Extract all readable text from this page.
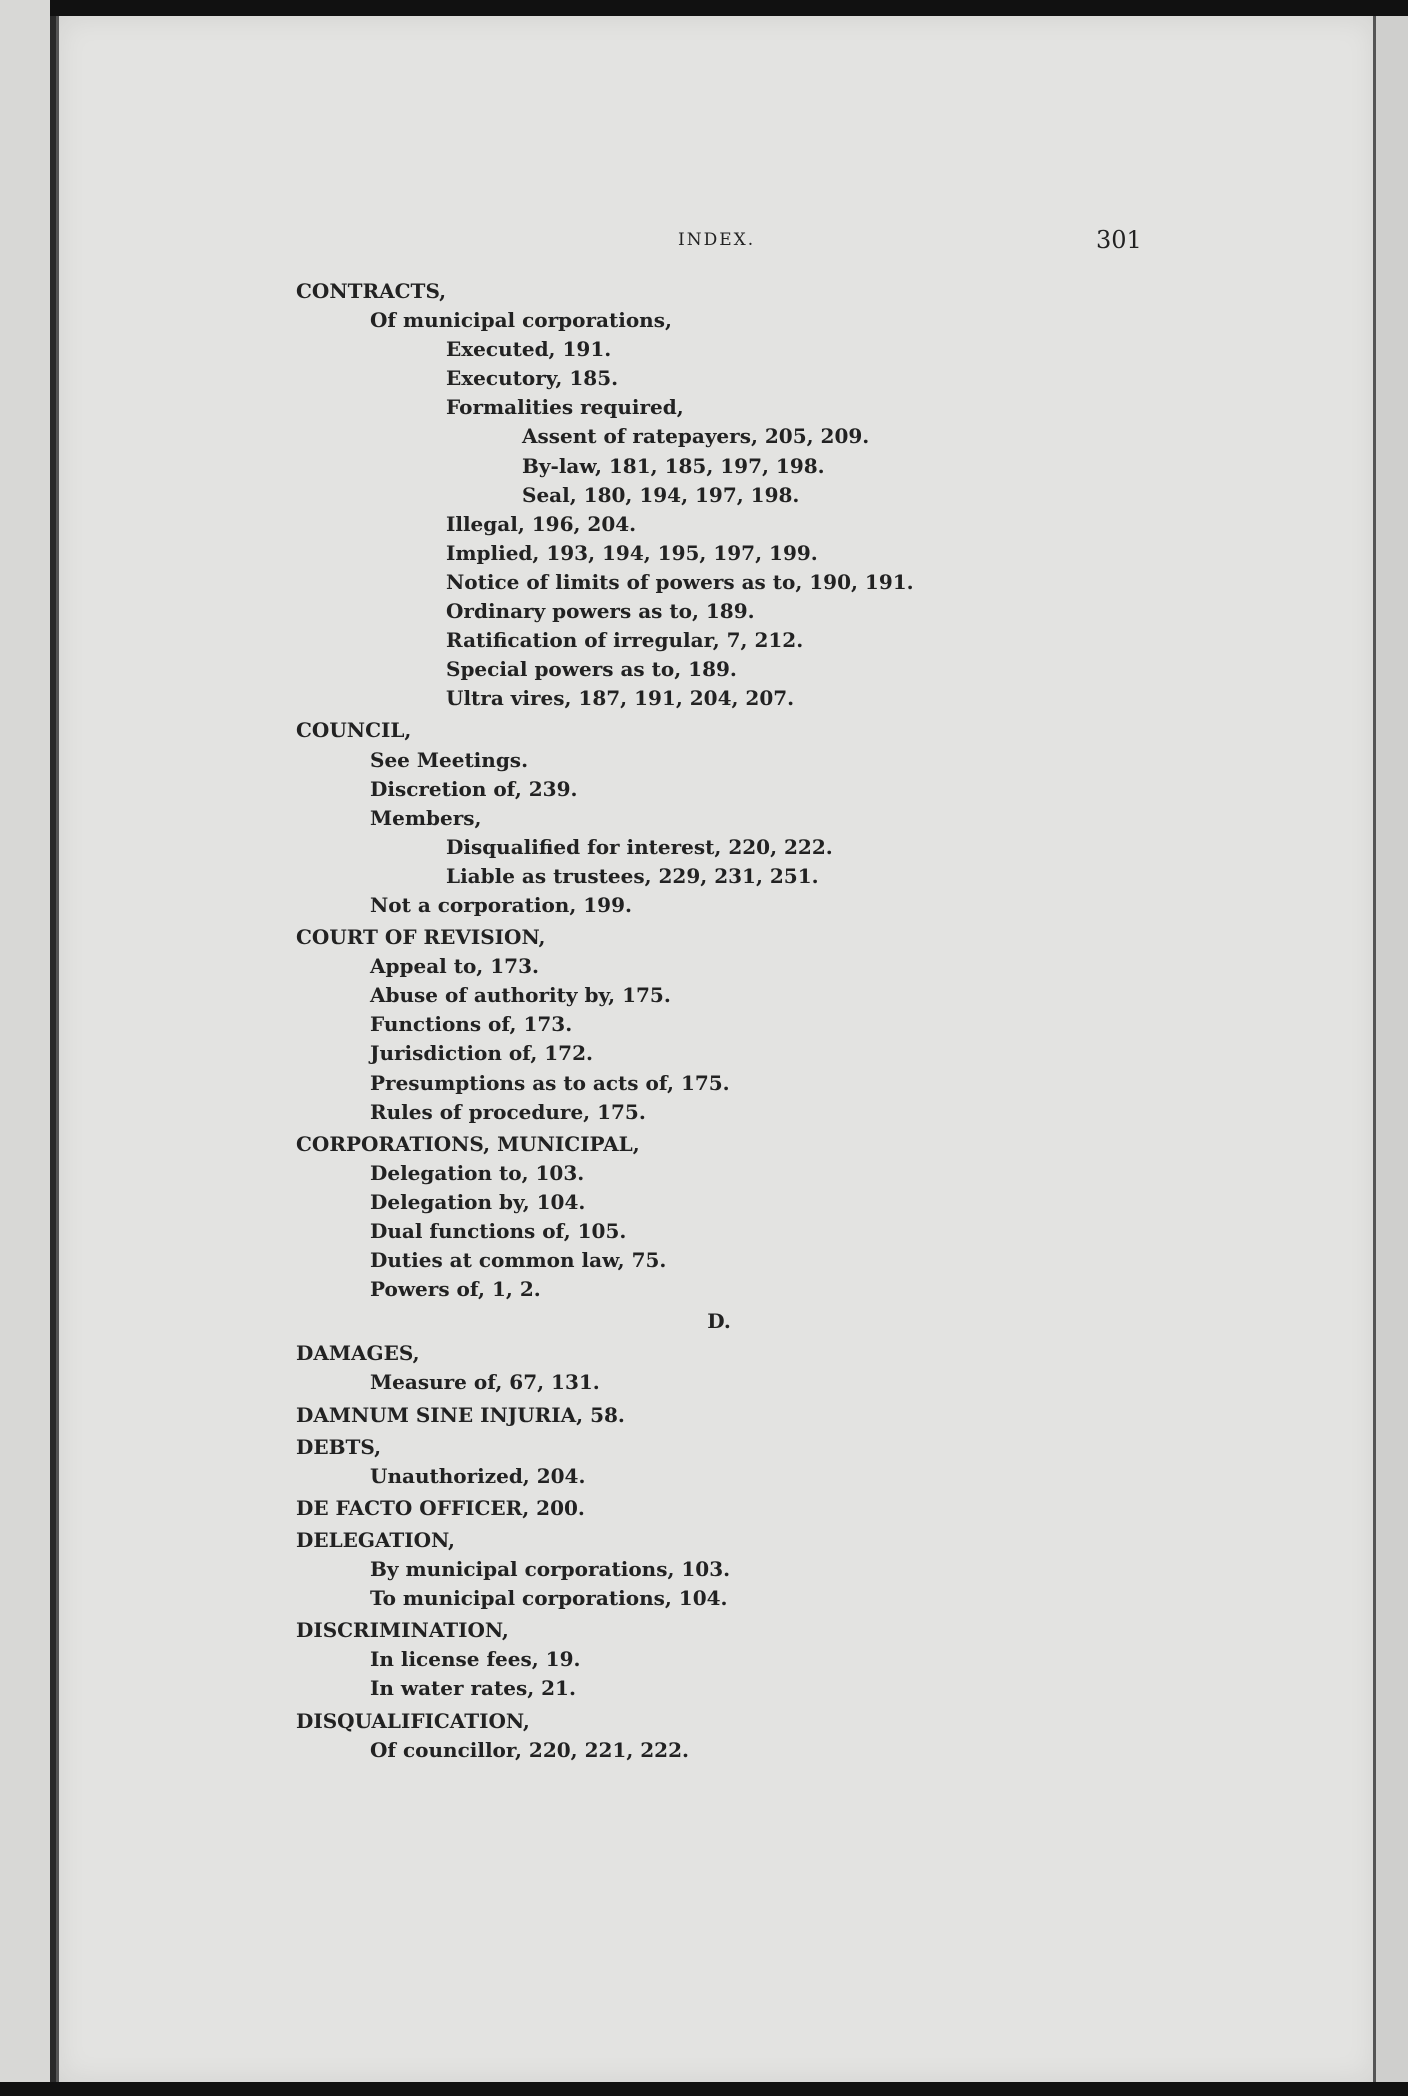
INDEX.	301
CONTRACTS,
Of municipal corporations,
Executed, 191.
Executory, 185.
Formalities required,
Assent of ratepayers, 205, 209.
By-law, 181, 185, 197, 198.
Seal, 180, 194, 197, 198.
Illegal, 196, 204.
Implied, 193, 194, 195, 197, 199.
Notice of limits of powers as to, 190, 191.
Ordinary powers as to, 189.
Ratification of irregular, 7, 212.
Special powers as to, 189.
Ultra vires, 187, 191, 204, 207.
COUNCIL,
See Meetings.
Discretion of, 239.
Members,
Disqualified for interest, 220, 222.
Liable as trustees, 229, 231, 251.
Not a corporation, 199.
COURT OF REVISION,
Appeal to, 173.
Abuse of authority by, 175.
Functions of, 173.
Jurisdiction of, 172.
Presumptions as to acts of, 175.
Rules of procedure, 175.
CORPORATIONS, MUNICIPAL,
Delegation to, 103.
Delegation by, 104.
Dual functions of, 105.
Duties at common law, 75.
Powers of, 1, 2.
D.
DAMAGES,
Measure of, 67, 131.
DAMNUM SINE INJURIA, 58.
DEBTS,
Unauthorized, 204.
DE FACTO OFFICER, 200.
DELEGATION,
By municipal corporations, 103.
To municipal corporations, 104.
DISCRIMINATION,
In license fees, 19.
In water rates, 21.
DISQUALIFICATION,
Of councillor, 220, 221, 222.
